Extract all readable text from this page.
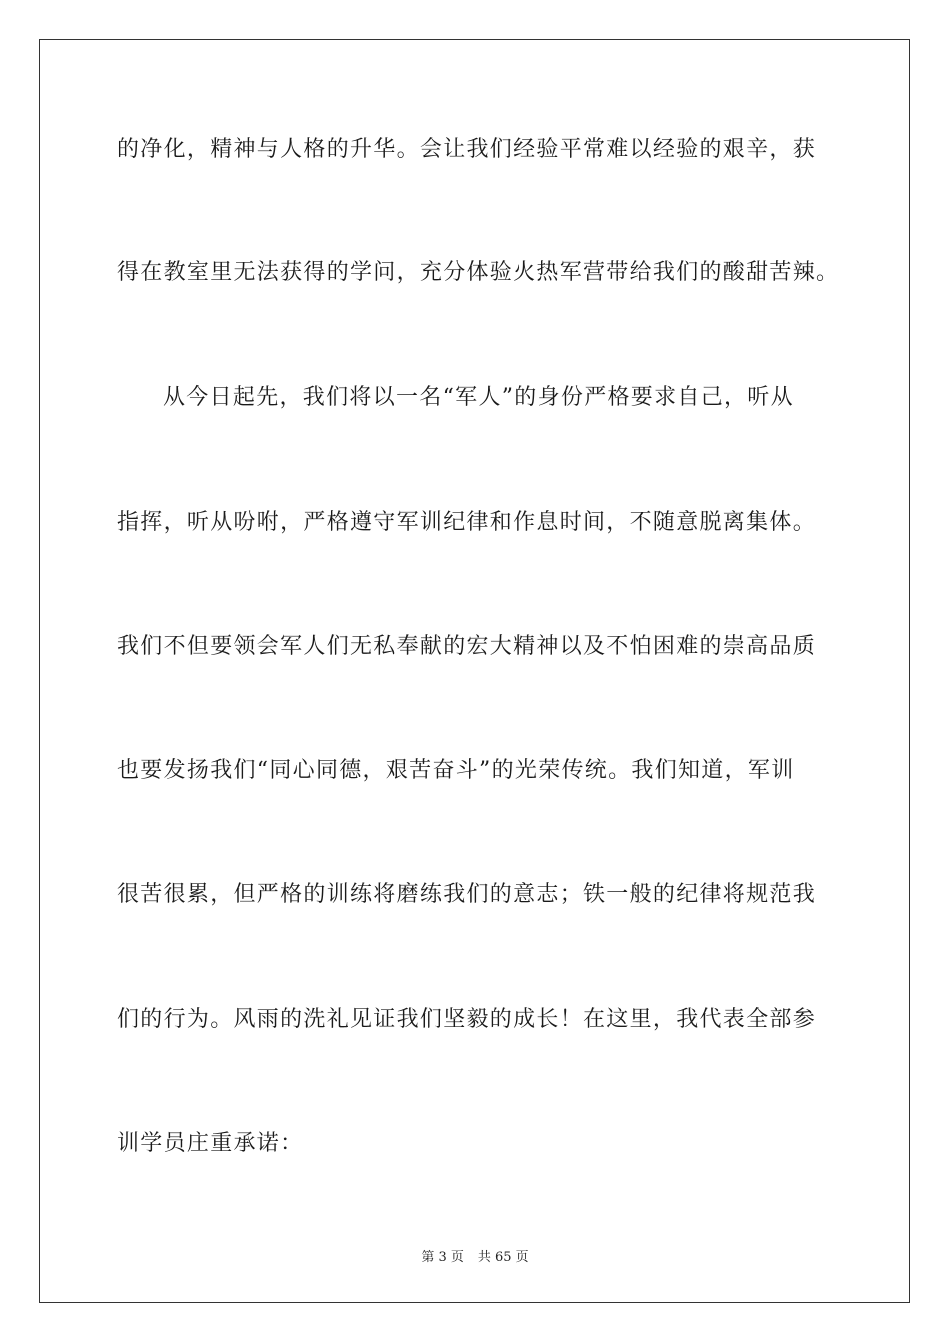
的净化，精神与人格的升华。会让我们经验平常难以经验的艰辛，获
得在教室里无法获得的学问，充分体验火热军营带给我们的酸甜苦辣。
从今日起先，我们将以一名“军人”的身份严格要求自己，听从
指挥，听从吩咐，严格遵守军训纪律和作息时间，不随意脱离集体。
我们不但要领会军人们无私奉献的宏大精神以及不怕困难的崇高品质
也要发扬我们“同心同德，艰苦奋斗”的光荣传统。我们知道，军训
很苦很累，但严格的训练将磨练我们的意志；铁一般的纪律将规范我
们的行为。风雨的洗礼见证我们坚毅的成长！在这里，我代表全部参
训学员庄重承诺：
第 3 页 共 65 页
